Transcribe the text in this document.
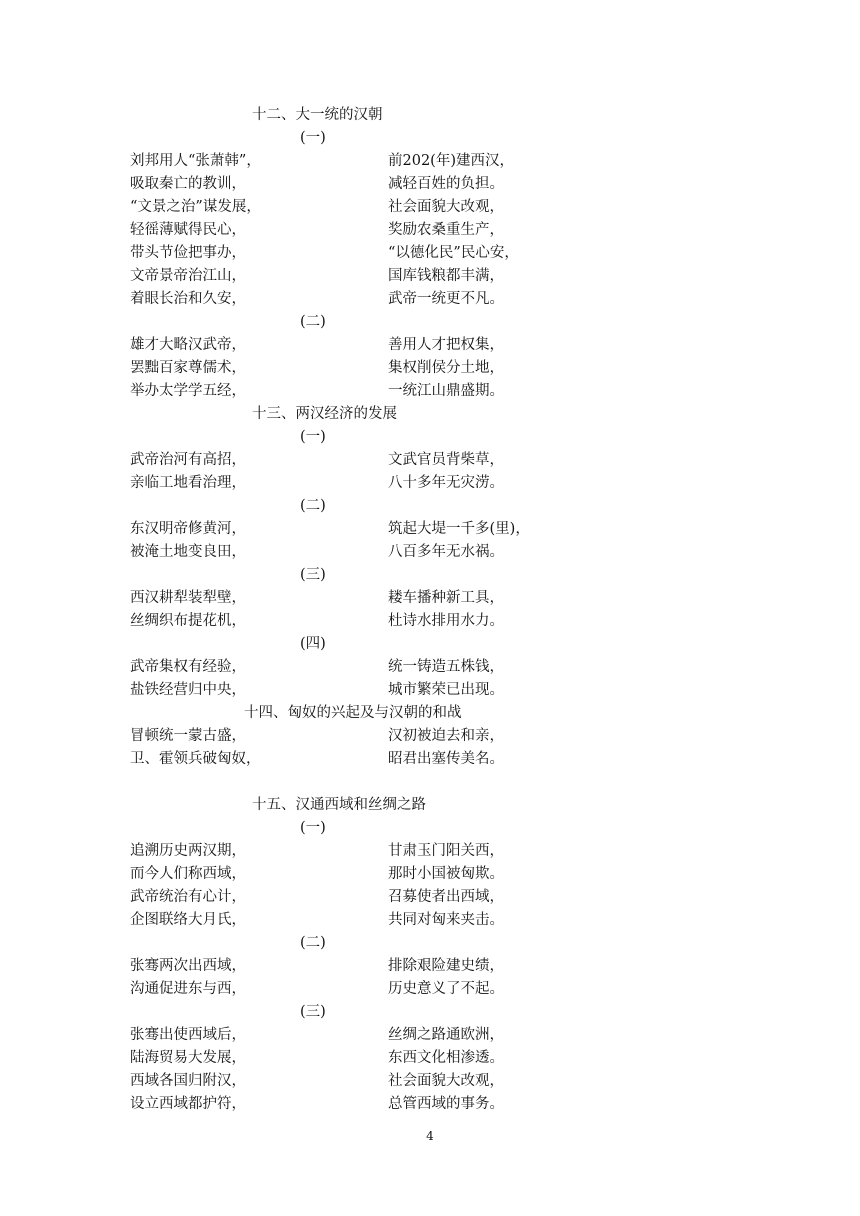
十二、大一统的汉朝
(一)
刘邦用人“张萧韩”，	前202(年)建西汉，
吸取秦亡的教训，	减轻百姓的负担。
“文景之治”谋发展，	社会面貌大改观，
轻徭薄赋得民心，	奖励农桑重生产，
带头节俭把事办，	“以德化民”民心安，
文帝景帝治江山，	国库钱粮都丰满，
着眼长治和久安，	武帝一统更不凡。
(二)
雄才大略汉武帝，	善用人才把权集，
罢黜百家尊儒术，	集权削侯分土地，
举办太学学五经，	一统江山鼎盛期。
十三、两汉经济的发展
(一)
武帝治河有高招，	文武官员背柴草，
亲临工地看治理，	八十多年无灾涝。
(二)
东汉明帝修黄河，	筑起大堤一千多(里)，
被淹土地变良田，	八百多年无水祸。
(三)
西汉耕犁装犁壁，	耧车播种新工具，
丝绸织布提花机，	杜诗水排用水力。
(四)
武帝集权有经验，	统一铸造五株钱，
盐铁经营归中央，	城市繁荣已出现。
十四、匈奴的兴起及与汉朝的和战
冒顿统一蒙古盛，	汉初被迫去和亲，
卫、霍领兵破匈奴，	昭君出塞传美名。
十五、汉通西域和丝绸之路
(一)
追溯历史两汉期，	甘肃玉门阳关西，
而今人们称西域，	那时小国被匈欺。
武帝统治有心计，	召募使者出西域，
企图联络大月氏，	共同对匈来夹击。
(二)
张骞两次出西域，	排除艰险建史绩，
沟通促进东与西，	历史意义了不起。
(三)
张骞出使西域后，	丝绸之路通欧洲，
陆海贸易大发展，	东西文化相渗透。
西域各国归附汉，	社会面貌大改观，
设立西域都护符，	总管西域的事务。
4
